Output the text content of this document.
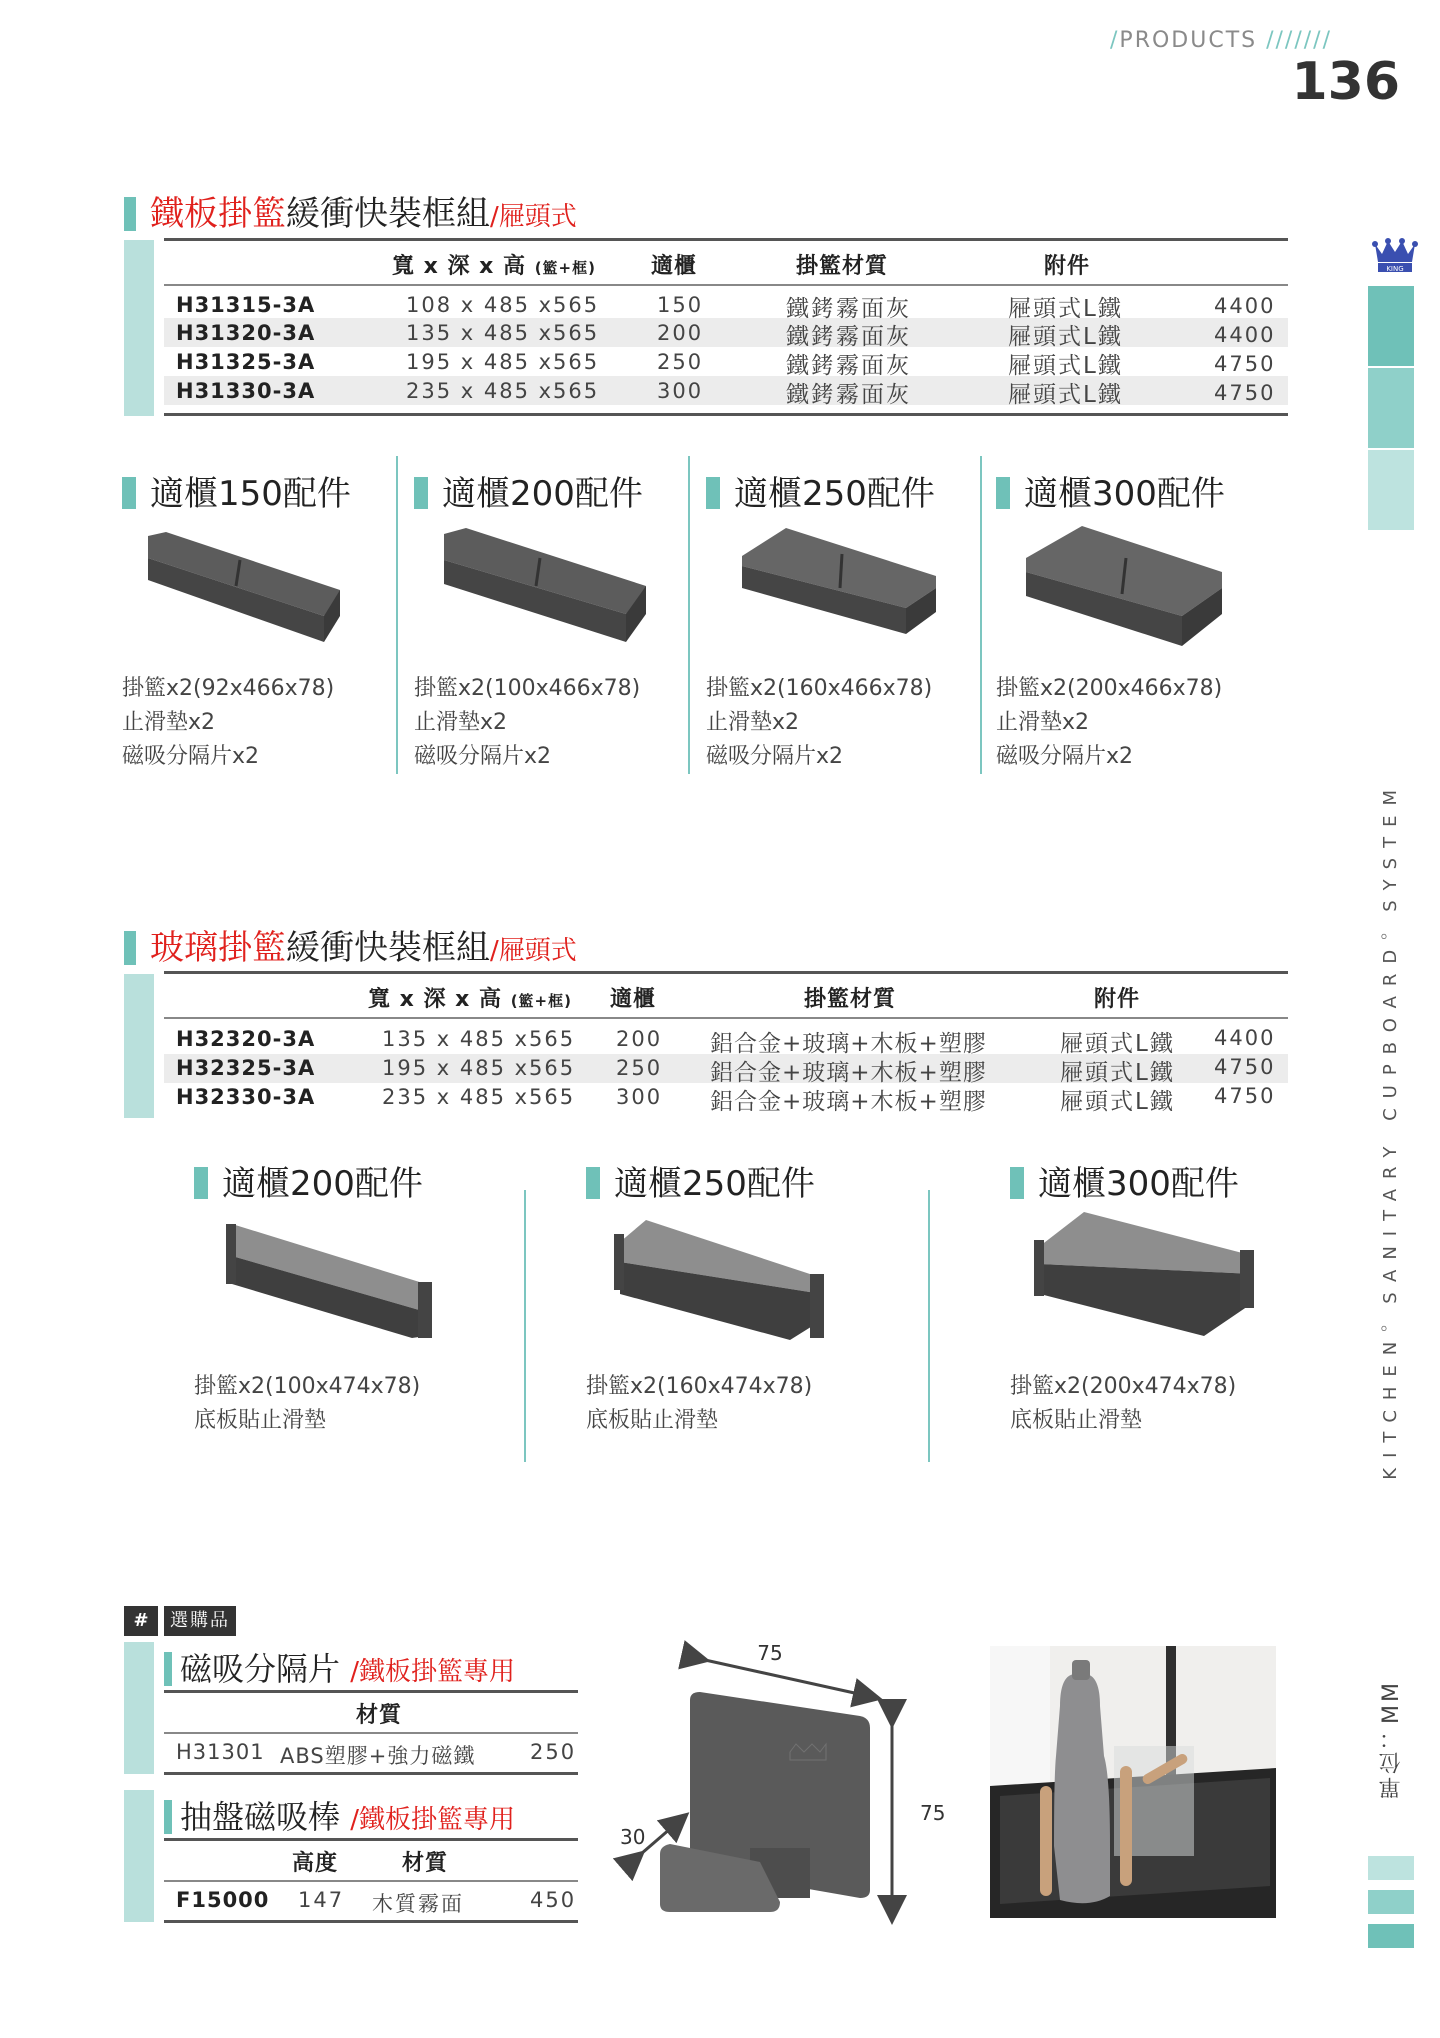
/PRODUCTS ///////
136
KING
KITCHEN。SANITARY CUPBOARD。SYSTEM
單位：MM
鐵板掛籃緩衝快裝框組/屜頭式
寬 x 深 x 高 (籃+框)	適櫃	掛籃材質	附件
H31315-3A	108 x 485 x565	150	鐵銬霧面灰	屜頭式L鐵	4400
H31320-3A	135 x 485 x565	200	鐵銬霧面灰	屜頭式L鐵	4400
H31325-3A	195 x 485 x565	250	鐵銬霧面灰	屜頭式L鐵	4750
H31330-3A	235 x 485 x565	300	鐵銬霧面灰	屜頭式L鐵	4750
適櫃150配件	適櫃200配件	適櫃250配件	適櫃300配件
掛籃x2(92x466x78)
止滑墊x2
磁吸分隔片x2
掛籃x2(100x466x78)
止滑墊x2
磁吸分隔片x2
掛籃x2(160x466x78)
止滑墊x2
磁吸分隔片x2
掛籃x2(200x466x78)
止滑墊x2
磁吸分隔片x2
玻璃掛籃緩衝快裝框組/屜頭式
寬 x 深 x 高 (籃+框) 適櫃	掛籃材質	附件
H32320-3A	135 x 485 x565 200 鋁合金+玻璃+木板+塑膠	屜頭式L鐵 4400
H32325-3A	195 x 485 x565 250 鋁合金+玻璃+木板+塑膠	屜頭式L鐵 4750
H32330-3A	235 x 485 x565 300 鋁合金+玻璃+木板+塑膠	屜頭式L鐵 4750
適櫃200配件	適櫃250配件	適櫃300配件
掛籃x2(100x474x78)
底板貼止滑墊
掛籃x2(160x474x78)
底板貼止滑墊
掛籃x2(200x474x78)
底板貼止滑墊
#	選購品
磁吸分隔片 /鐵板掛籃專用
材質
H31301 ABS塑膠+強力磁鐵	250
抽盤磁吸棒 /鐵板掛籃專用
高度	材質
F15000 147 木質霧面	450
75
75
30
